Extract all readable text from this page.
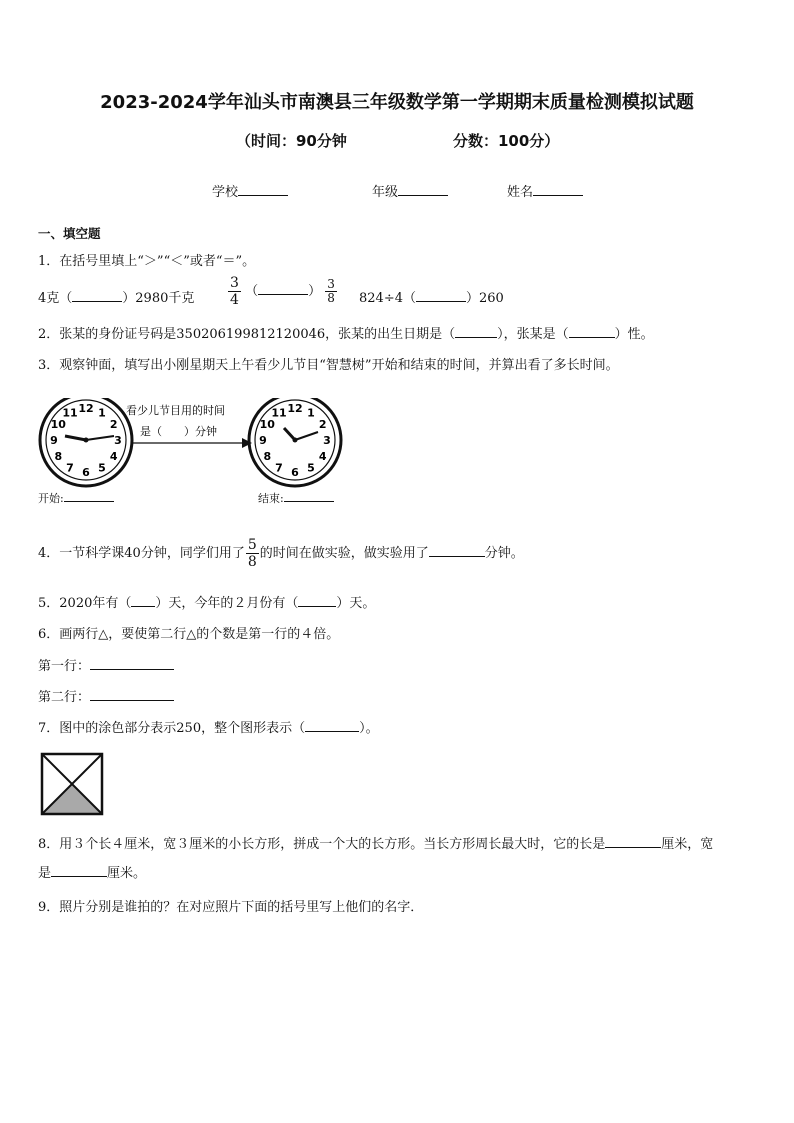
2023-2024学年汕头市南澳县三年级数学第一学期期末质量检测模拟试题
（时间：90分钟	分数：100分）
学校	年级	姓名
一、填空题
1．在括号里填上“＞”“＜”或者“＝”。
4克（	）2980千克 $\frac{3}{4}$ （	） $\frac{3}{8} 824\div 4$（	）260
2．张某的身份证号码是350206199812120046，张某的出生日期是（	），张某是（	）性。
3．观察钟面，填写出小刚星期天上午看少儿节目“智慧树”开始和结束的时间，并算出看了多长时间。
12 1
2
3
4
5
6
7
8
9
10
11	看少儿节目用的时间
是（　　）分钟
12 1
2
3
4
5
6
7
8
9
10
11
开始:	结束:
4．一节科学课40分钟，同学们用了 $\frac{5}{8}$ 的时间在做实验，做实验用了	分钟。
5．2020年有（ ）天，今年的２月份有（	）天。
6．画两行△，要使第二行△的个数是第一行的４倍。
第一行：
第二行：
7．图中的涂色部分表示250，整个图形表示（	）。
8．用３个长４厘米，宽３厘米的小长方形，拼成一个大的长方形。当长方形周长最大时，它的长是	厘米，宽
是	厘米。
9．照片分别是谁拍的？在对应照片下面的括号里写上他们的名字．
